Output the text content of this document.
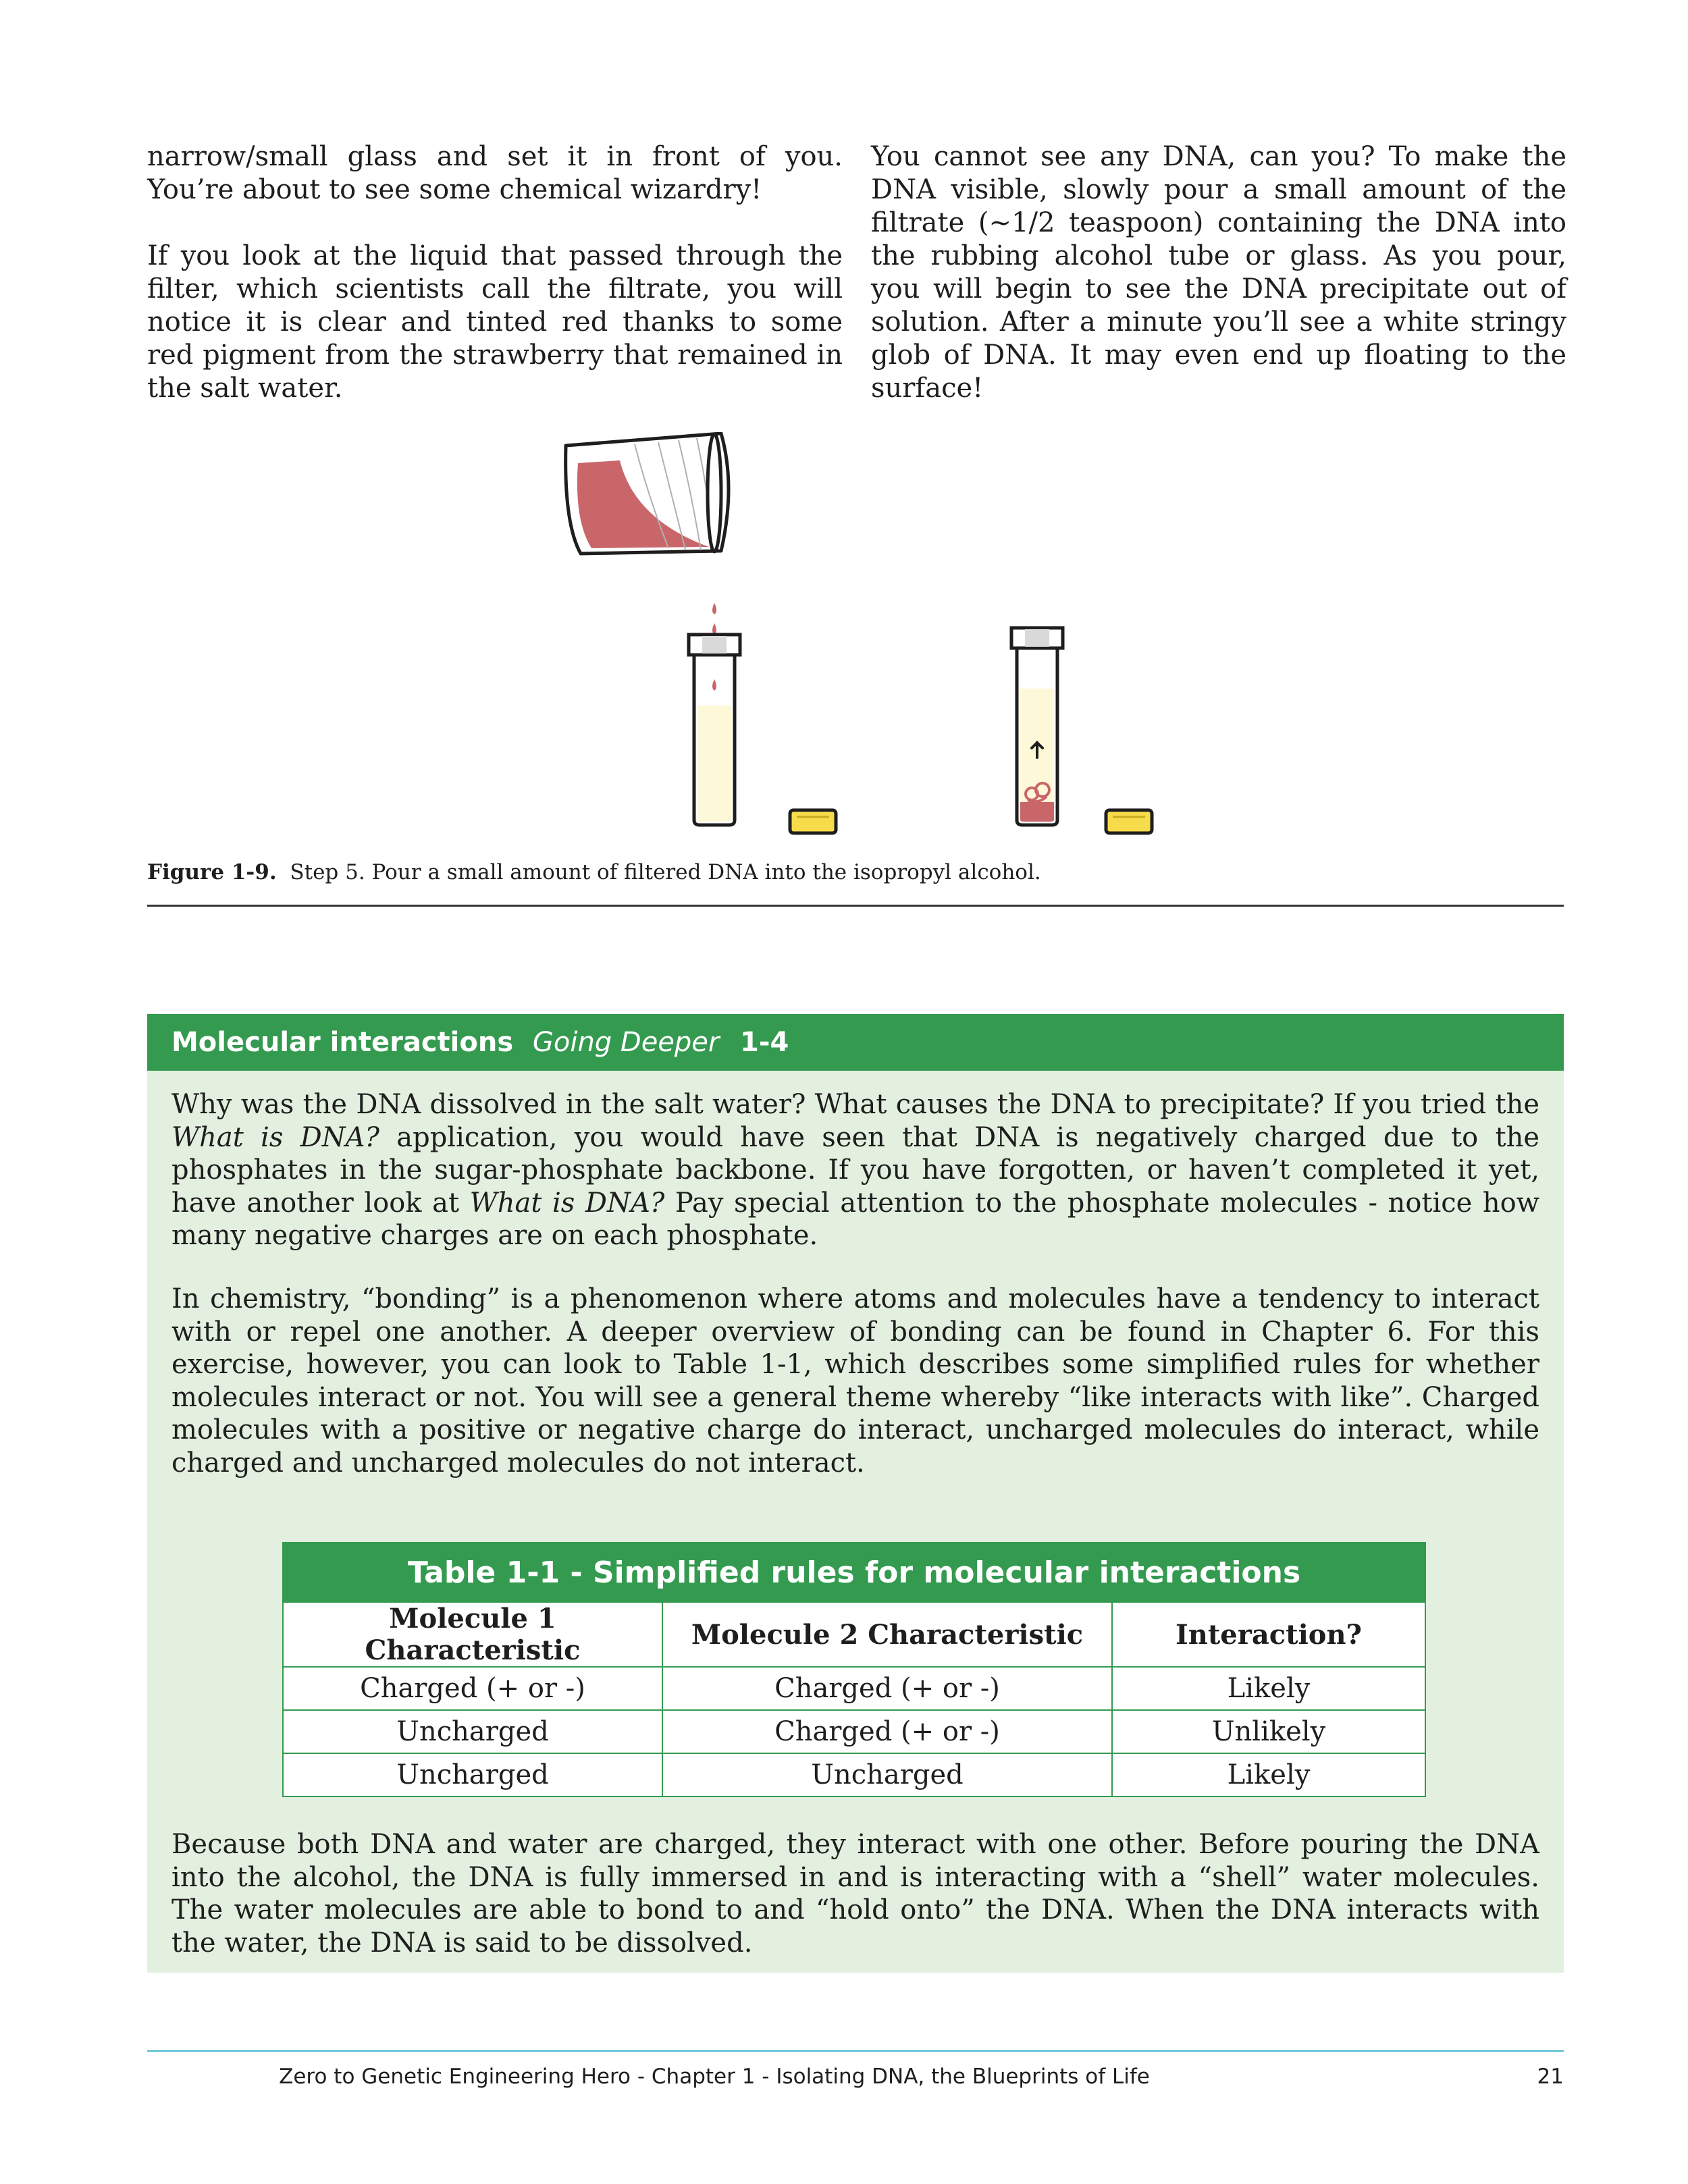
narrow/small glass and set it in front of you. You’re about to see some chemical wizardry!

If you look at the liquid that passed through the filter, which scientists call the filtrate, you will notice it is clear and tinted red thanks to some red pigment from the strawberry that remained in the salt water.

You cannot see any DNA, can you? To make the DNA visible, slowly pour a small amount of the filtrate (~1/2 teaspoon) containing the DNA into the rubbing alcohol tube or glass. As you pour, you will begin to see the DNA precipitate out of solution. After a minute you’ll see a white stringy glob of DNA. It may even end up floating to the surface!

Figure 1-9. Step 5. Pour a small amount of filtered DNA into the isopropyl alcohol.
Molecular interactions Going Deeper 1-4
Why was the DNA dissolved in the salt water? What causes the DNA to precipitate? If you tried the What is DNA? application, you would have seen that DNA is negatively charged due to the phosphates in the sugar-phosphate backbone. If you have forgotten, or haven’t completed it yet, have another look at What is DNA? Pay special attention to the phosphate molecules - notice how many negative charges are on each phosphate.
In chemistry, “bonding” is a phenomenon where atoms and molecules have a tendency to interact with or repel one another. A deeper overview of bonding can be found in Chapter 6. For this exercise, however, you can look to Table 1-1, which describes some simplified rules for whether molecules interact or not. You will see a general theme whereby “like interacts with like”. Charged molecules with a positive or negative charge do interact, uncharged molecules do interact, while charged and uncharged molecules do not interact.
Table 1-1 - Simplified rules for molecular interactions		
Molecule 1 Characteristic	Molecule 2 Characteristic	Interaction?
Charged (+ or -)	Charged (+ or -)	Likely
Uncharged	Charged (+ or -)	Unlikely
Uncharged	Uncharged	Likely
Because both DNA and water are charged, they interact with one other. Before pouring the DNA into the alcohol, the DNA is fully immersed in and is interacting with a “shell” water molecules. The water molecules are able to bond to and “hold onto” the DNA. When the DNA interacts with the water, the DNA is said to be dissolved.
Zero to Genetic Engineering Hero - Chapter 1 - Isolating DNA, the Blueprints of Life	21
